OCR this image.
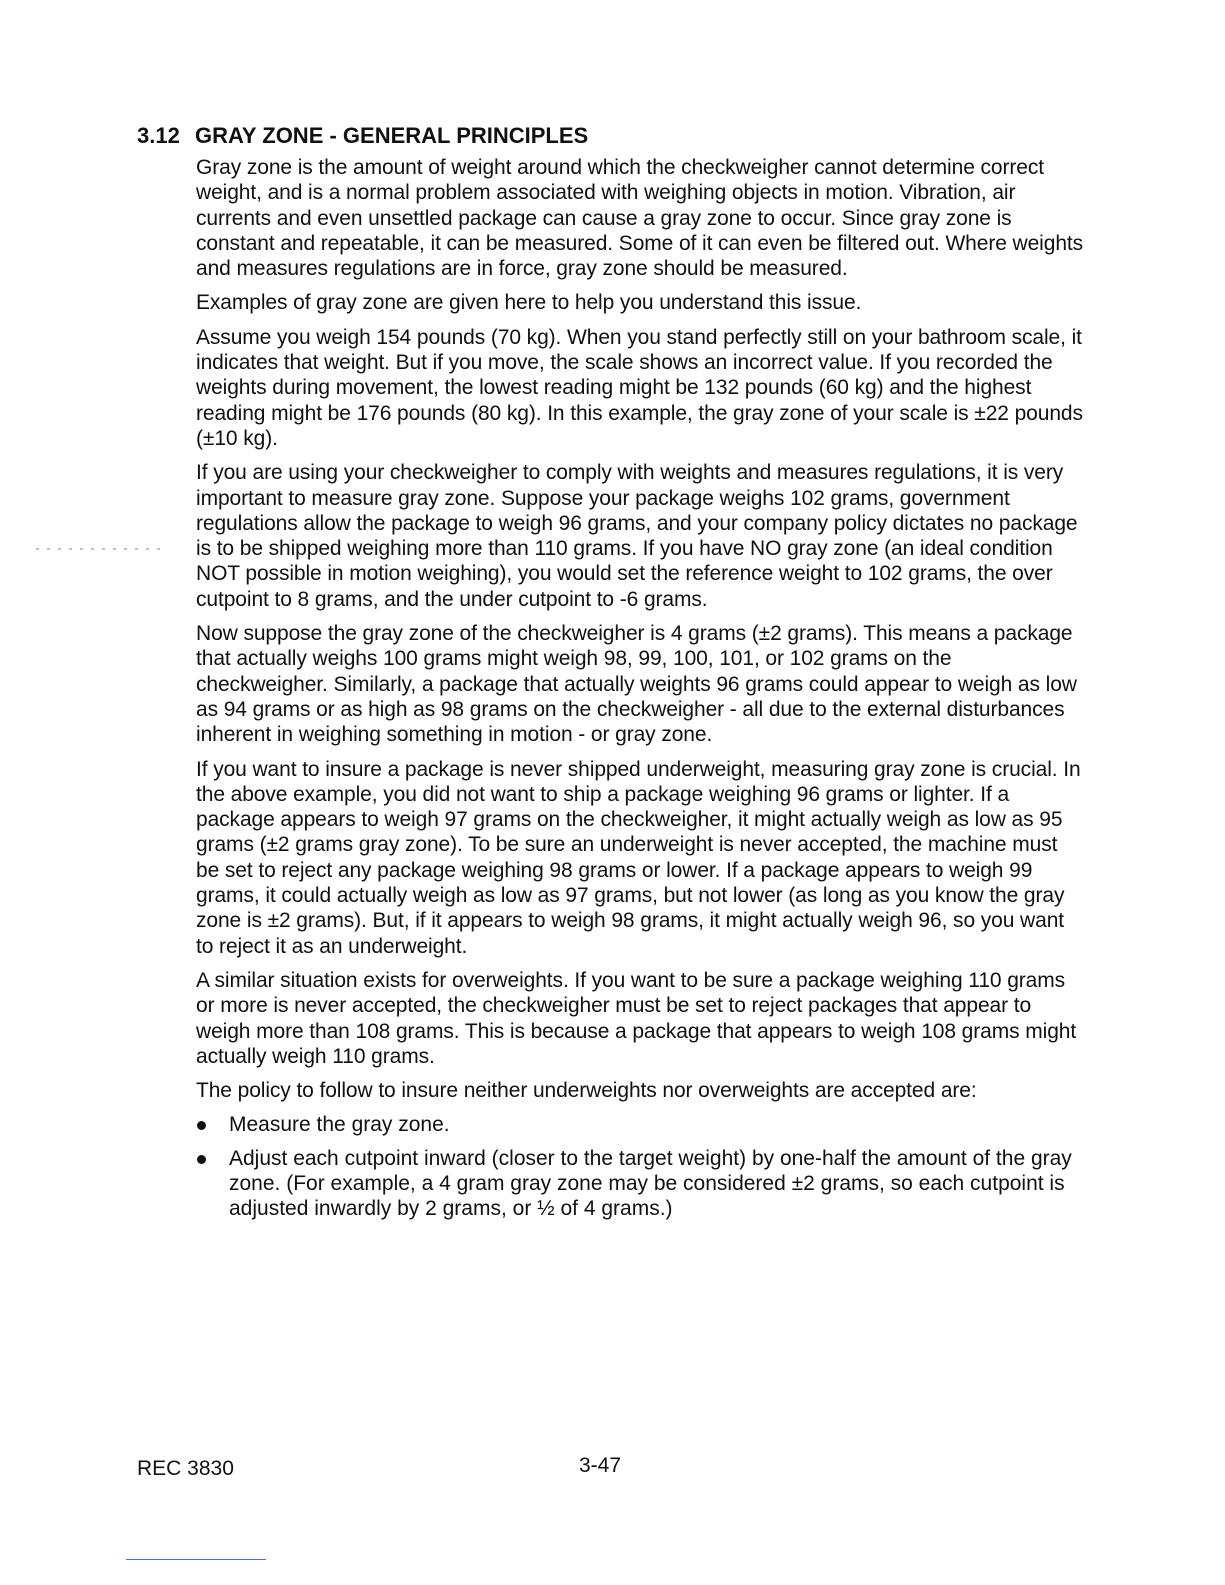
3.12 GRAY ZONE - GENERAL PRINCIPLES

Gray zone is the amount of weight around which the checkweigher cannot determine correct weight, and is a normal problem associated with weighing objects in motion. Vibration, air currents and even unsettled package can cause a gray zone to occur. Since gray zone is constant and repeatable, it can be measured. Some of it can even be filtered out. Where weights and measures regulations are in force, gray zone should be measured.

Examples of gray zone are given here to help you understand this issue.

Assume you weigh 154 pounds (70 kg). When you stand perfectly still on your bathroom scale, it indicates that weight. But if you move, the scale shows an incorrect value. If you recorded the weights during movement, the lowest reading might be 132 pounds (60 kg) and the highest reading might be 176 pounds (80 kg). In this example, the gray zone of your scale is ±22 pounds (±10 kg).

If you are using your checkweigher to comply with weights and measures regulations, it is very important to measure gray zone. Suppose your package weighs 102 grams, government regulations allow the package to weigh 96 grams, and your company policy dictates no package is to be shipped weighing more than 110 grams. If you have NO gray zone (an ideal condition NOT possible in motion weighing), you would set the reference weight to 102 grams, the over cutpoint to 8 grams, and the under cutpoint to -6 grams.

Now suppose the gray zone of the checkweigher is 4 grams (±2 grams). This means a package that actually weighs 100 grams might weigh 98, 99, 100, 101, or 102 grams on the checkweigher. Similarly, a package that actually weights 96 grams could appear to weigh as low as 94 grams or as high as 98 grams on the checkweigher - all due to the external disturbances inherent in weighing something in motion - or gray zone.

If you want to insure a package is never shipped underweight, measuring gray zone is crucial. In the above example, you did not want to ship a package weighing 96 grams or lighter. If a package appears to weigh 97 grams on the checkweigher, it might actually weigh as low as 95 grams (±2 grams gray zone). To be sure an underweight is never accepted, the machine must be set to reject any package weighing 98 grams or lower. If a package appears to weigh 99 grams, it could actually weigh as low as 97 grams, but not lower (as long as you know the gray zone is ±2 grams). But, if it appears to weigh 98 grams, it might actually weigh 96, so you want to reject it as an underweight.

A similar situation exists for overweights. If you want to be sure a package weighing 110 grams or more is never accepted, the checkweigher must be set to reject packages that appear to weigh more than 108 grams. This is because a package that appears to weigh 108 grams might actually weigh 110 grams.

The policy to follow to insure neither underweights nor overweights are accepted are:

Measure the gray zone.
Adjust each cutpoint inward (closer to the target weight) by one-half the amount of the gray zone. (For example, a 4 gram gray zone may be considered ±2 grams, so each cutpoint is adjusted inwardly by 2 grams, or ½ of 4 grams.)

REC 3830	3-47
